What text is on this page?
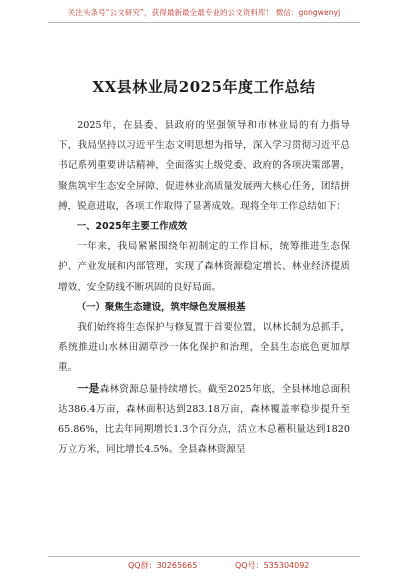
关注头条号“公文研究”，获得最新最全最专业的公文资料库！ 微信：gongwenyj
XX县林业局2025年度工作总结

2025年，在县委、县政府的坚强领导和市林业局的有力指导下，我局坚持以习近平生态文明思想为指导，深入学习贯彻习近平总书记系列重要讲话精神，全面落实上级党委、政府的各项决策部署，聚焦筑牢生态安全屏障、促进林业高质量发展两大核心任务，团结拼搏，锐意进取，各项工作取得了显著成效。现将全年工作总结如下：

一、2025年主要工作成效

一年来，我局紧紧围绕年初制定的工作目标，统筹推进生态保护、产业发展和内部管理，实现了森林资源稳定增长、林业经济提质增效、安全防线不断巩固的良好局面。

（一）聚焦生态建设，筑牢绿色发展根基

我们始终将生态保护与修复置于首要位置，以林长制为总抓手，系统推进山水林田湖草沙一体化保护和治理，全县生态底色更加厚重。

一是森林资源总量持续增长。截至2025年底，全县林地总面积达386.4万亩，森林面积达到283.18万亩，森林覆盖率稳步提升至65.86%，比去年同期增长1.3个百分点，活立木总蓄积量达到1820万立方米，同比增长4.5%。全县森林资源呈

QQ群：30265665	QQ号：535304092
